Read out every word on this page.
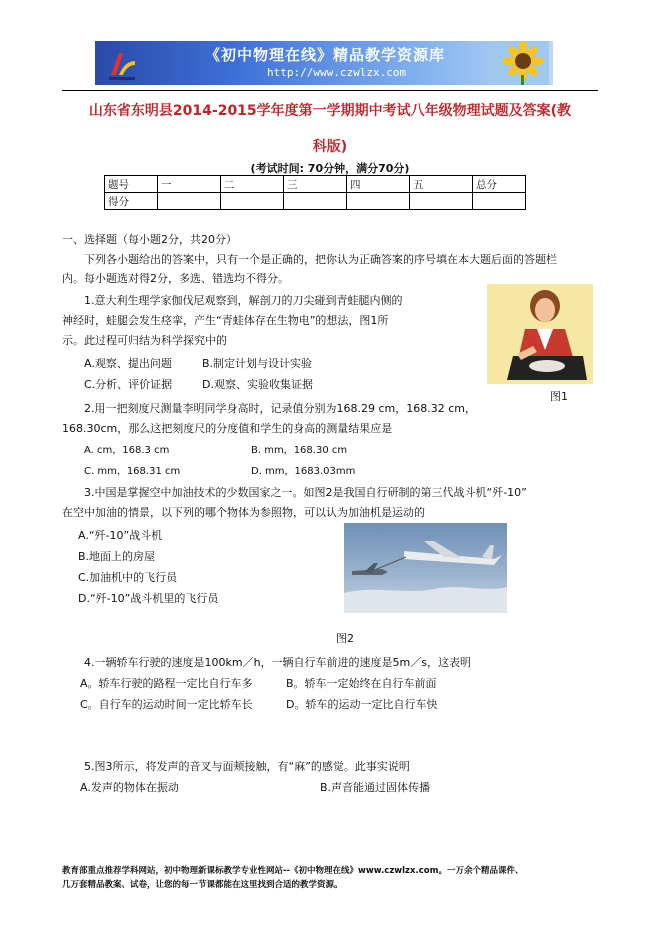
《初中物理在线》精品教学资源库
http://www.czwlzx.com
山东省东明县2014-2015学年度第一学期期中考试八年级物理试题及答案(教
科版)
(考试时间: 70分钟，满分70分)
题号	一	二	三	四	五	总分
得分						
一、选择题（每小题2分，共20分）
下列各小题给出的答案中，只有一个是正确的，把你认为正确答案的序号填在本大题后面的答题栏
内。每小题选对得2分，多选、错选均不得分。
1.意大利生理学家伽伐尼观察到，解剖刀的刀尖碰到青蛙腿内侧的
神经时，蛙腿会发生痉挛，产生“青蛙体存在生物电”的想法，图1所
示。此过程可归结为科学探究中的
A.观察、提出问题	B.制定计划与设计实验
C.分析、评价证据	D.观察、实验收集证据
图1
2.用一把刻度尺测量李明同学身高时，记录值分别为168.29 cm，168.32 cm，
168.30cm，那么这把刻度尺的分度值和学生的身高的测量结果应是
A. cm，168.3 cm	B. mm，168.30 cm
C. mm，168.31 cm	D. mm，1683.03mm
3.中国是掌握空中加油技术的少数国家之一。如图2是我国自行研制的第三代战斗机“歼-10”
在空中加油的情景，以下列的哪个物体为参照物，可以认为加油机是运动的
A.“歼-10”战斗机
B.地面上的房屋
C.加油机中的飞行员
D.“歼-10”战斗机里的飞行员
图2
4.一辆轿车行驶的速度是100km／h，一辆自行车前进的速度是5m／s，这表明
A。轿车行驶的路程一定比自行车多	B。轿车一定始终在自行车前面
C。自行车的运动时间一定比轿车长	D。轿车的运动一定比自行车快
5.图3所示，将发声的音叉与面颊接触，有“麻”的感觉。此事实说明
A.发声的物体在振动	B.声音能通过固体传播
教育部重点推荐学科网站，初中物理新课标教学专业性网站--《初中物理在线》www.czwlzx.com。一万余个精品课件、
几万套精品教案、试卷，让您的每一节课都能在这里找到合适的教学资源。
